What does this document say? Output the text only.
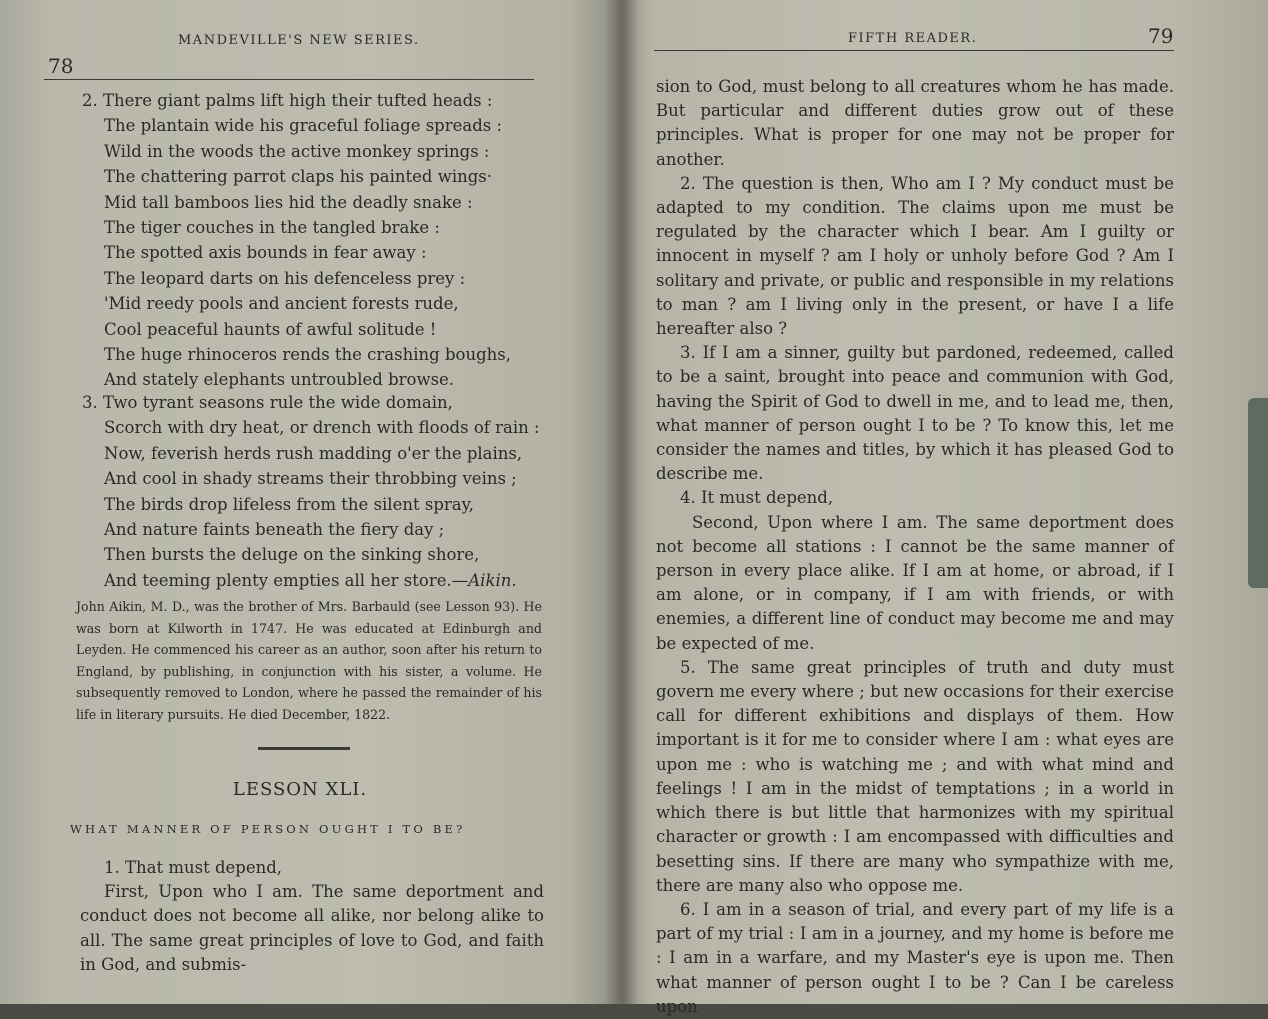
78
MANDEVILLE'S NEW SERIES.
2. There giant palms lift high their tufted heads :
The plantain wide his graceful foliage spreads :
Wild in the woods the active monkey springs :
The chattering parrot claps his painted wings·
Mid tall bamboos lies hid the deadly snake :
The tiger couches in the tangled brake :
The spotted axis bounds in fear away :
The leopard darts on his defenceless prey :
'Mid reedy pools and ancient forests rude,
Cool peaceful haunts of awful solitude !
The huge rhinoceros rends the crashing boughs,
And stately elephants untroubled browse.
3. Two tyrant seasons rule the wide domain,
Scorch with dry heat, or drench with floods of rain :
Now, feverish herds rush madding o'er the plains,
And cool in shady streams their throbbing veins ;
The birds drop lifeless from the silent spray,
And nature faints beneath the fiery day ;
Then bursts the deluge on the sinking shore,
And teeming plenty empties all her store.—Aikin.

John Aikin, M. D., was the brother of Mrs. Barbauld (see Lesson 93). He was born at Kilworth in 1747. He was educated at Edinburgh and Leyden. He commenced his career as an author, soon after his return to England, by publishing, in conjunction with his sister, a volume. He subsequently removed to London, where he passed the remainder of his life in literary pursuits. He died December, 1822.

LESSON XLI.
WHAT MANNER OF PERSON OUGHT I TO BE?

1. That must depend,

First, Upon who I am. The same deportment and conduct does not become all alike, nor belong alike to all. The same great principles of love to God, and faith in God, and submis-

FIFTH READER.	79

sion to God, must belong to all creatures whom he has made. But particular and different duties grow out of these principles. What is proper for one may not be proper for another.

2. The question is then, Who am I ? My conduct must be adapted to my condition. The claims upon me must be regulated by the character which I bear. Am I guilty or innocent in myself ? am I holy or unholy before God ? Am I solitary and private, or public and responsible in my relations to man ? am I living only in the present, or have I a life hereafter also ?

3. If I am a sinner, guilty but pardoned, redeemed, called to be a saint, brought into peace and communion with God, having the Spirit of God to dwell in me, and to lead me, then, what manner of person ought I to be ? To know this, let me consider the names and titles, by which it has pleased God to describe me.

4. It must depend,

Second, Upon where I am. The same deportment does not become all stations : I cannot be the same manner of person in every place alike. If I am at home, or abroad, if I am alone, or in company, if I am with friends, or with enemies, a different line of conduct may become me and may be expected of me.

5. The same great principles of truth and duty must govern me every where ; but new occasions for their exercise call for different exhibitions and displays of them. How important is it for me to consider where I am : what eyes are upon me : who is watching me ; and with what mind and feelings ! I am in the midst of temptations ; in a world in which there is but little that harmonizes with my spiritual character or growth : I am encompassed with difficulties and besetting sins. If there are many who sympathize with me, there are many also who oppose me.

6. I am in a season of trial, and every part of my life is a part of my trial : I am in a journey, and my home is before me : I am in a warfare, and my Master's eye is upon me. Then what manner of person ought I to be ? Can I be careless upon
